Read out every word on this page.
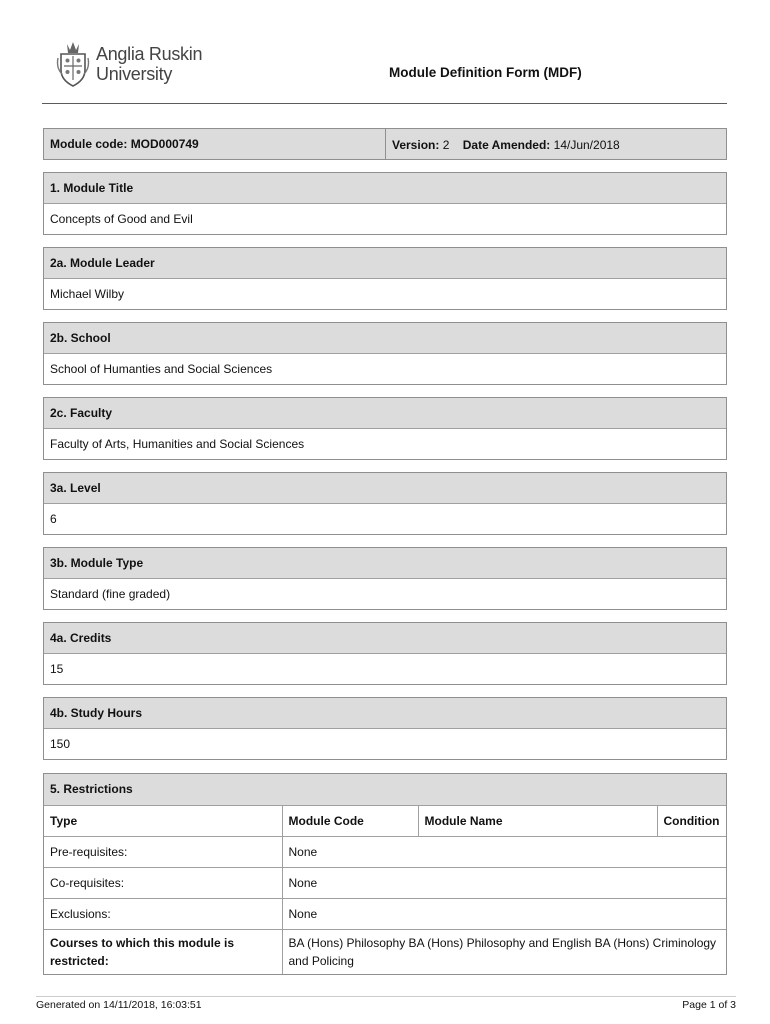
Anglia Ruskin
University	Module Definition Form (MDF)
Module code: MOD000749	Version: 2 Date Amended: 14/Jun/2018
1. Module Title
Concepts of Good and Evil
2a. Module Leader
Michael Wilby
2b. School
School of Humanties and Social Sciences
2c. Faculty
Faculty of Arts, Humanities and Social Sciences
3a. Level
6
3b. Module Type
Standard (fine graded)
4a. Credits
15
4b. Study Hours
150
5. Restrictions
Type	Module Code	Module Name	Condition
Pre-requisites:	None		
Co-requisites:	None		
Exclusions:	None		
Courses to which this module is restricted:	BA (Hons) Philosophy BA (Hons) Philosophy and English BA (Hons) Criminology and Policing		
Generated on 14/11/2018, 16:03:51	Page 1 of 3
